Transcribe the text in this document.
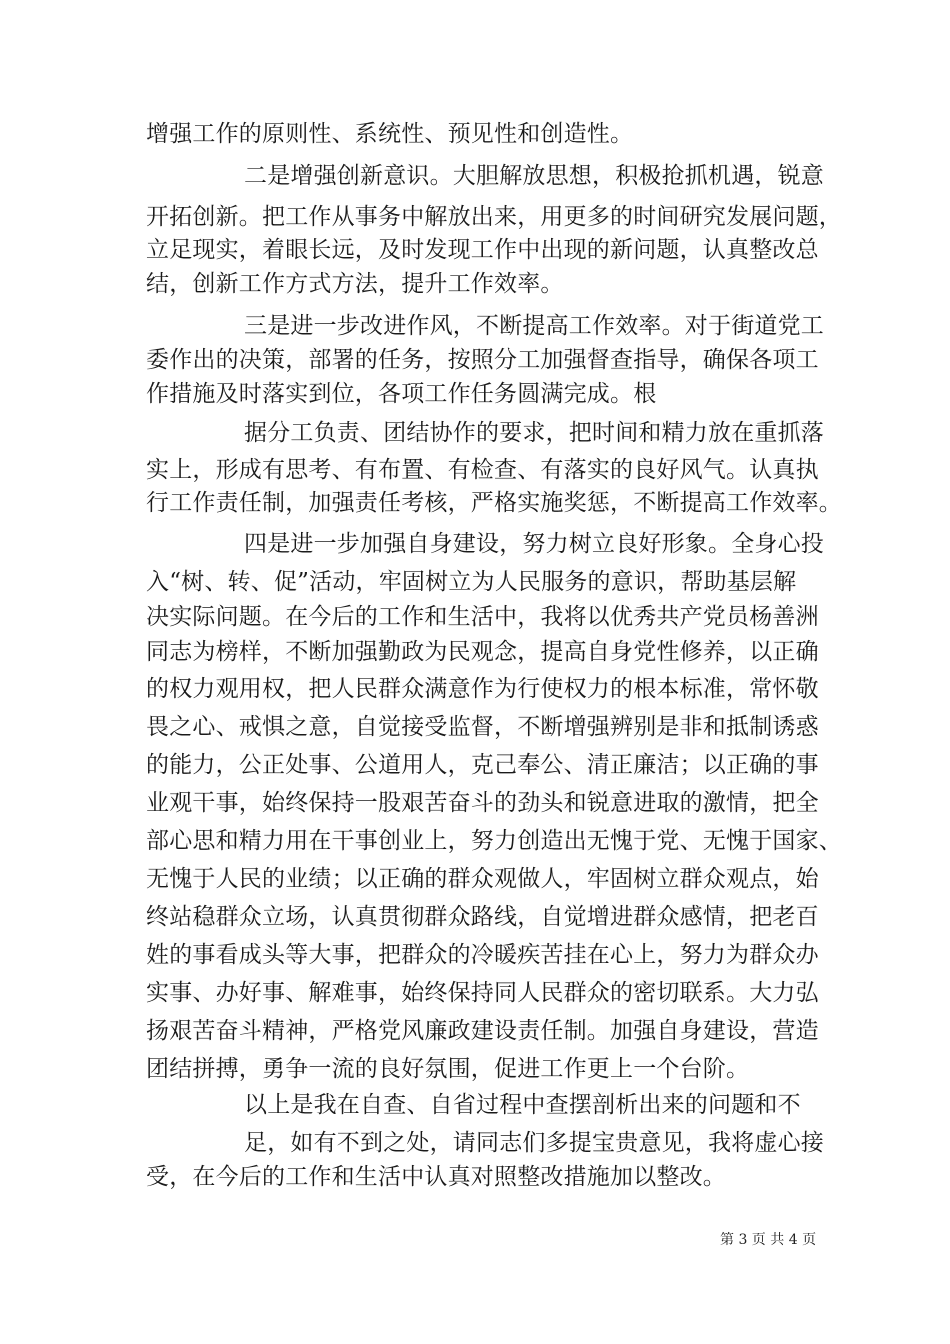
增强工作的原则性、系统性、预见性和创造性。
二是增强创新意识。大胆解放思想，积极抢抓机遇，锐意
开拓创新。把工作从事务中解放出来，用更多的时间研究发展问题，
立足现实，着眼长远，及时发现工作中出现的新问题，认真整改总
结，创新工作方式方法，提升工作效率。
三是进一步改进作风，不断提高工作效率。对于街道党工
委作出的决策，部署的任务，按照分工加强督查指导，确保各项工
作措施及时落实到位，各项工作任务圆满完成。根
据分工负责、团结协作的要求，把时间和精力放在重抓落
实上，形成有思考、有布置、有检查、有落实的良好风气。认真执
行工作责任制，加强责任考核，严格实施奖惩，不断提高工作效率。
四是进一步加强自身建设，努力树立良好形象。全身心投
入“树、转、促”活动，牢固树立为人民服务的意识，帮助基层解
决实际问题。在今后的工作和生活中，我将以优秀共产党员杨善洲
同志为榜样，不断加强勤政为民观念，提高自身党性修养，以正确
的权力观用权，把人民群众满意作为行使权力的根本标准，常怀敬
畏之心、戒惧之意，自觉接受监督，不断增强辨别是非和抵制诱惑
的能力，公正处事、公道用人，克己奉公、清正廉洁；以正确的事
业观干事，始终保持一股艰苦奋斗的劲头和锐意进取的激情，把全
部心思和精力用在干事创业上，努力创造出无愧于党、无愧于国家、
无愧于人民的业绩；以正确的群众观做人，牢固树立群众观点，始
终站稳群众立场，认真贯彻群众路线，自觉增进群众感情，把老百
姓的事看成头等大事，把群众的冷暖疾苦挂在心上，努力为群众办
实事、办好事、解难事，始终保持同人民群众的密切联系。大力弘
扬艰苦奋斗精神，严格党风廉政建设责任制。加强自身建设，营造
团结拼搏，勇争一流的良好氛围，促进工作更上一个台阶。
以上是我在自查、自省过程中查摆剖析出来的问题和不
足，如有不到之处，请同志们多提宝贵意见，我将虚心接
受，在今后的工作和生活中认真对照整改措施加以整改。
第 3 页 共 4 页
